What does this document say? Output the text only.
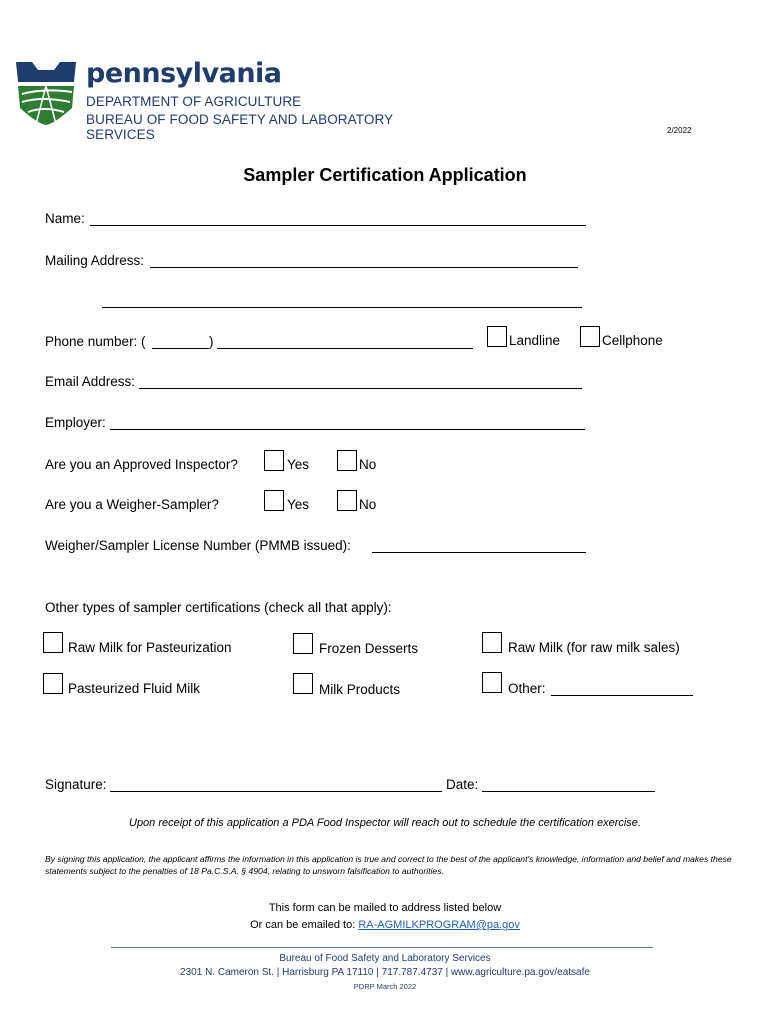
pennsylvania
DEPARTMENT OF AGRICULTURE
BUREAU OF FOOD SAFETY AND LABORATORY SERVICES	2/2022
Sampler Certification Application
Name:
Mailing Address:
Phone number: (	)	Landline	Cellphone
Email Address:
Employer:
Are you an Approved Inspector?	Yes	No
Are you a Weigher-Sampler?	Yes	No
Weigher/Sampler License Number (PMMB issued):
Other types of sampler certifications (check all that apply):
Raw Milk for Pasteurization	Frozen Desserts	Raw Milk (for raw milk sales)
Pasteurized Fluid Milk	Milk Products	Other:
Signature:	Date:
Upon receipt of this application a PDA Food Inspector will reach out to schedule the certification exercise.
By signing this application, the applicant affirms the information in this application is true and correct to the best of the applicant's knowledge, information and belief and makes these statements subject to the penalties of 18 Pa.C.S.A. § 4904, relating to unsworn falsification to authorities.
This form can be mailed to address listed below
Or can be emailed to: RA-AGMILKPROGRAM@pa.gov
Bureau of Food Safety and Laboratory Services
2301 N. Cameron St. | Harrisburg PA 17110 | 717.787.4737 | www.agriculture.pa.gov/eatsafe
PDRP March 2022
